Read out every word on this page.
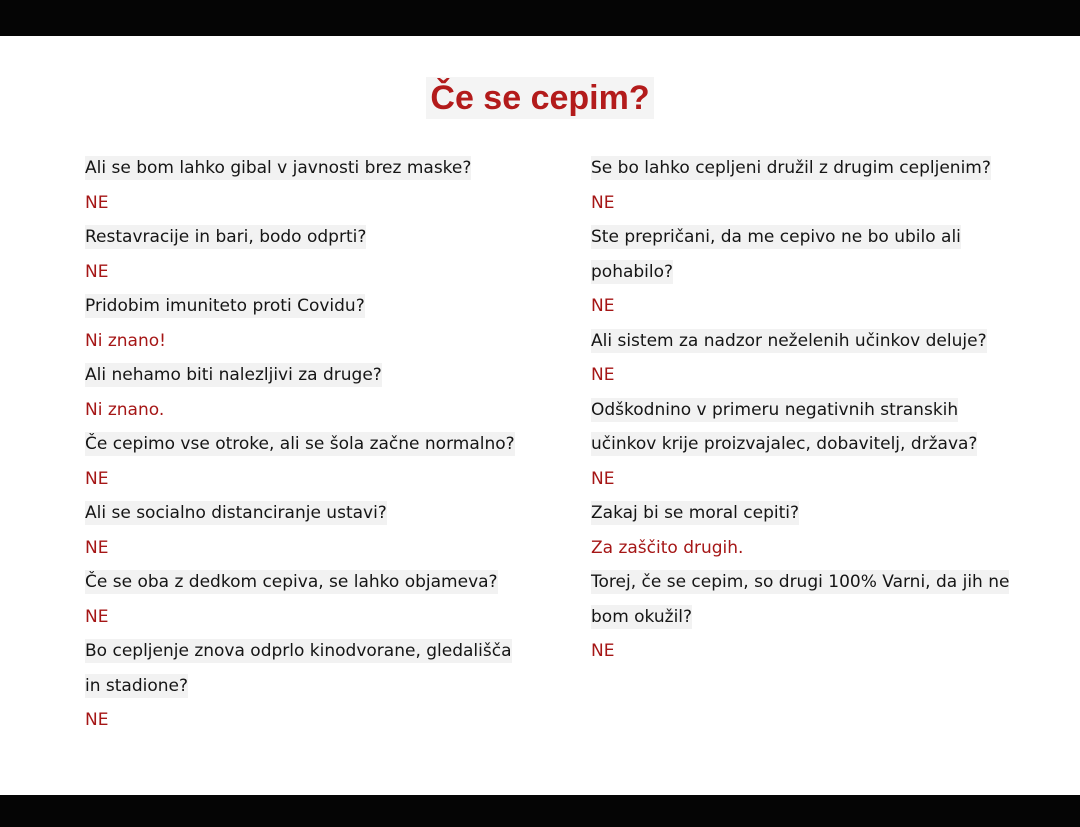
Če se cepim?
Ali se bom lahko gibal v javnosti brez maske?
NE
Restavracije in bari, bodo odprti?
NE
Pridobim imuniteto proti Covidu?
Ni znano!
Ali nehamo biti nalezljivi za druge?
Ni znano.
Če cepimo vse otroke, ali se šola začne normalno?
NE
Ali se socialno distanciranje ustavi?
NE
Če se oba z dedkom cepiva, se lahko objameva?
NE
Bo cepljenje znova odprlo kinodvorane, gledališča
in stadione?
NE
Se bo lahko cepljeni družil z drugim cepljenim?
NE
Ste prepričani, da me cepivo ne bo ubilo ali
pohabilo?
NE
Ali sistem za nadzor neželenih učinkov deluje?
NE
Odškodnino v primeru negativnih stranskih
učinkov krije proizvajalec, dobavitelj, država?
NE
Zakaj bi se moral cepiti?
Za zaščito drugih.
Torej, če se cepim, so drugi 100% Varni, da jih ne
bom okužil?
NE
